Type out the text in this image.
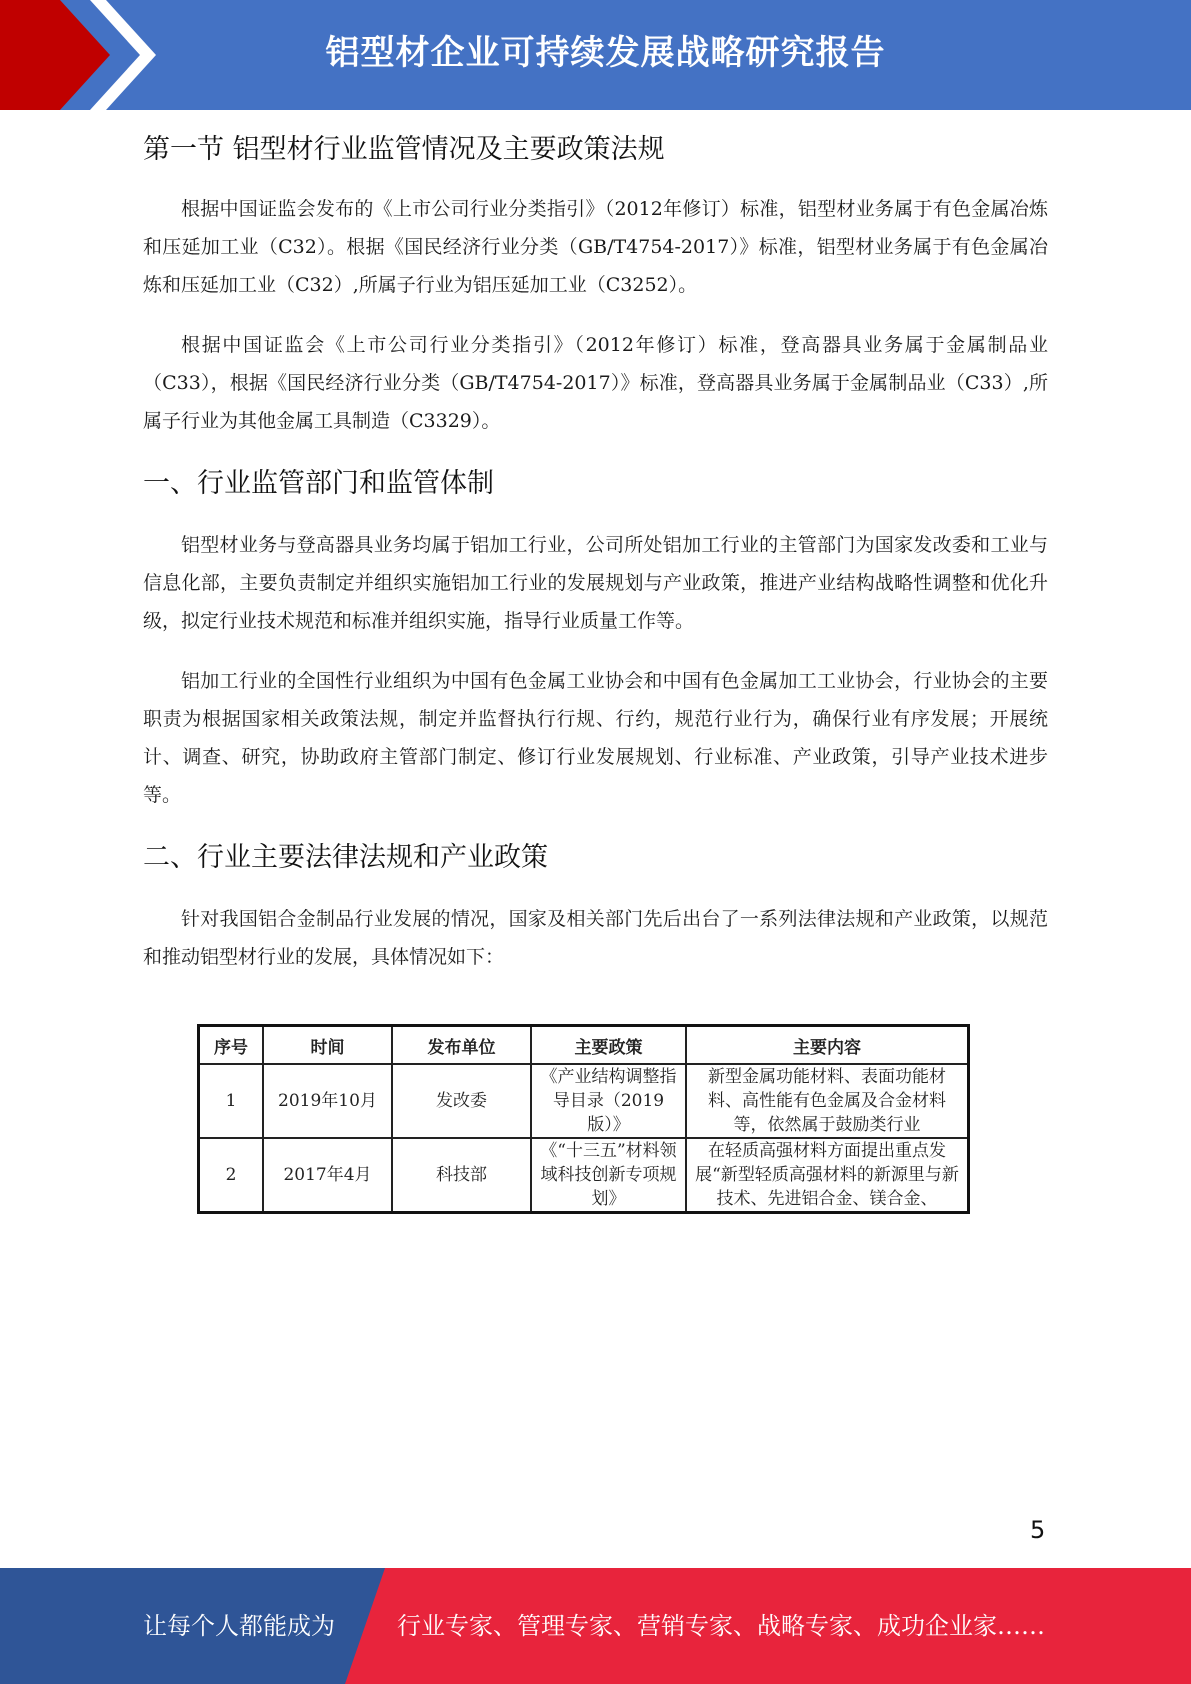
铝型材企业可持续发展战略研究报告
第一节 铝型材行业监管情况及主要政策法规

根据中国证监会发布的《上市公司行业分类指引》（2012年修订）标准，铝型材业务属于有色金属冶炼和压延加工业（C32）。根据《国民经济行业分类（GB/T4754-2017）》标准，铝型材业务属于有色金属冶炼和压延加工业（C32）,所属子行业为铝压延加工业（C3252）。

根据中国证监会《上市公司行业分类指引》（2012年修订）标准，登高器具业务属于金属制品业（C33），根据《国民经济行业分类（GB/T4754-2017）》标准，登高器具业务属于金属制品业（C33）,所属子行业为其他金属工具制造（C3329）。

一、行业监管部门和监管体制

铝型材业务与登高器具业务均属于铝加工行业，公司所处铝加工行业的主管部门为国家发改委和工业与信息化部，主要负责制定并组织实施铝加工行业的发展规划与产业政策，推进产业结构战略性调整和优化升级，拟定行业技术规范和标准并组织实施，指导行业质量工作等。

铝加工行业的全国性行业组织为中国有色金属工业协会和中国有色金属加工工业协会，行业协会的主要职责为根据国家相关政策法规，制定并监督执行行规、行约，规范行业行为，确保行业有序发展；开展统计、调查、研究，协助政府主管部门制定、修订行业发展规划、行业标准、产业政策，引导产业技术进步等。

二、行业主要法律法规和产业政策

针对我国铝合金制品行业发展的情况，国家及相关部门先后出台了一系列法律法规和产业政策，以规范和推动铝型材行业的发展，具体情况如下：

序号	时间	发布单位	主要政策	主要内容
1	2019年10月	发改委	《产业结构调整指导目录（2019版）》	新型金属功能材料、表面功能材料、高性能有色金属及合金材料等，依然属于鼓励类行业
2	2017年4月	科技部	《“十三五”材料领域科技创新专项规划》	在轻质高强材料方面提出重点发展“新型轻质高强材料的新源里与新技术、先进铝合金、镁合金、
5
让每个人都能成为	行业专家、管理专家、营销专家、战略专家、成功企业家……
